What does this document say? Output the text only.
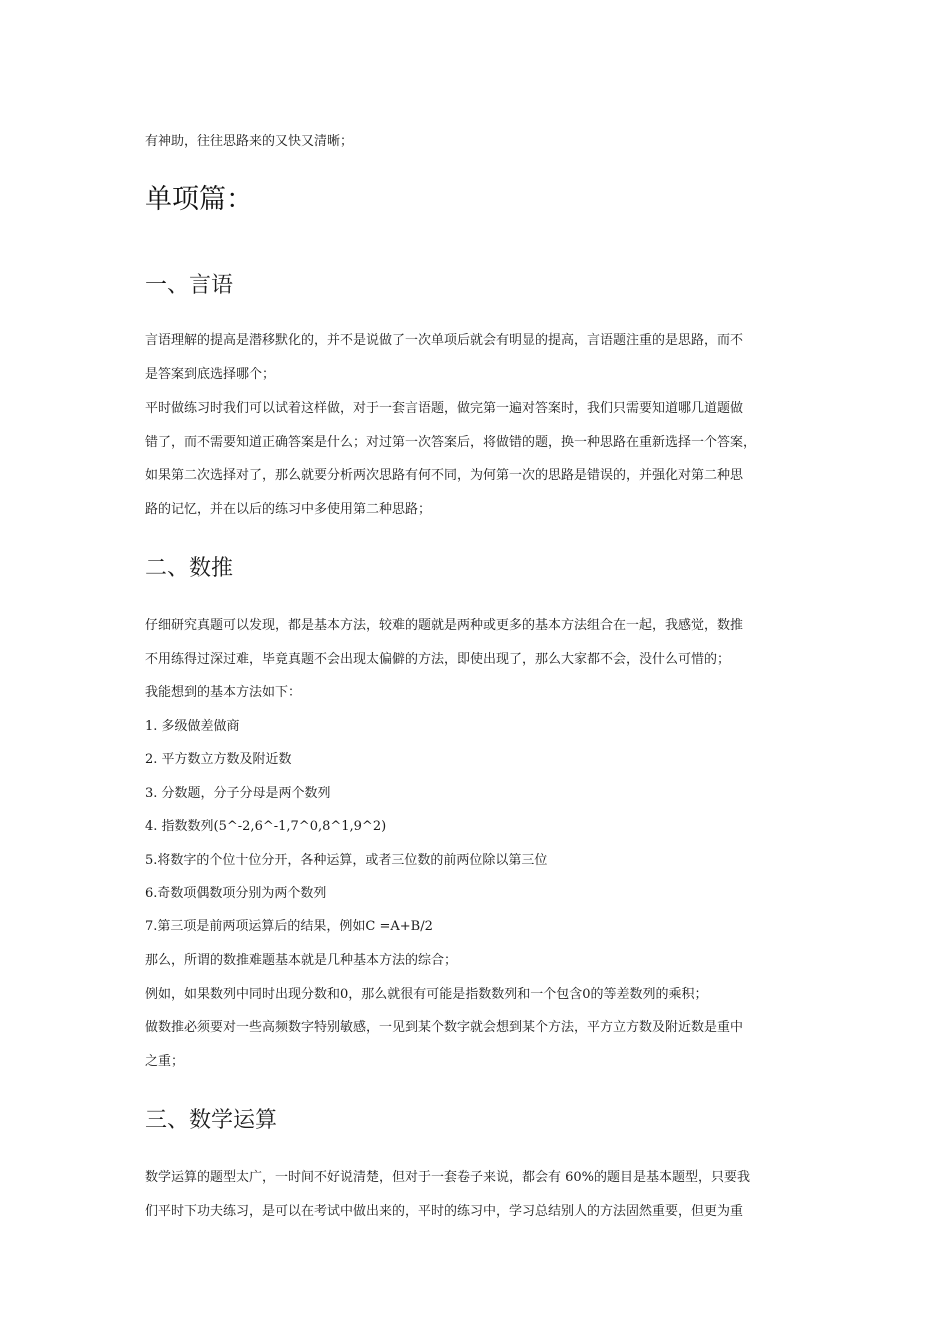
有神助，往往思路来的又快又清晰；
单项篇：
一、言语
言语理解的提高是潜移默化的，并不是说做了一次单项后就会有明显的提高，言语题注重的是思路，而不
是答案到底选择哪个；
平时做练习时我们可以试着这样做，对于一套言语题，做完第一遍对答案时，我们只需要知道哪几道题做
错了，而不需要知道正确答案是什么；对过第一次答案后，将做错的题，换一种思路在重新选择一个答案，
如果第二次选择对了，那么就要分析两次思路有何不同，为何第一次的思路是错误的，并强化对第二种思
路的记忆，并在以后的练习中多使用第二种思路；
二、数推
仔细研究真题可以发现，都是基本方法，较难的题就是两种或更多的基本方法组合在一起，我感觉，数推
不用练得过深过难，毕竟真题不会出现太偏僻的方法，即使出现了，那么大家都不会，没什么可惜的；
我能想到的基本方法如下：
1. 多级做差做商
2. 平方数立方数及附近数
3. 分数题，分子分母是两个数列
4. 指数数列(5^-2,6^-1,7^0,8^1,9^2)
5.将数字的个位十位分开，各种运算，或者三位数的前两位除以第三位
6.奇数项偶数项分别为两个数列
7.第三项是前两项运算后的结果，例如C =A+B/2
那么，所谓的数推难题基本就是几种基本方法的综合；
例如，如果数列中同时出现分数和0，那么就很有可能是指数数列和一个包含0的等差数列的乘积；
做数推必须要对一些高频数字特别敏感，一见到某个数字就会想到某个方法，平方立方数及附近数是重中
之重；
三、数学运算
数学运算的题型太广，一时间不好说清楚，但对于一套卷子来说，都会有 60%的题目是基本题型，只要我
们平时下功夫练习，是可以在考试中做出来的，平时的练习中，学习总结别人的方法固然重要，但更为重
